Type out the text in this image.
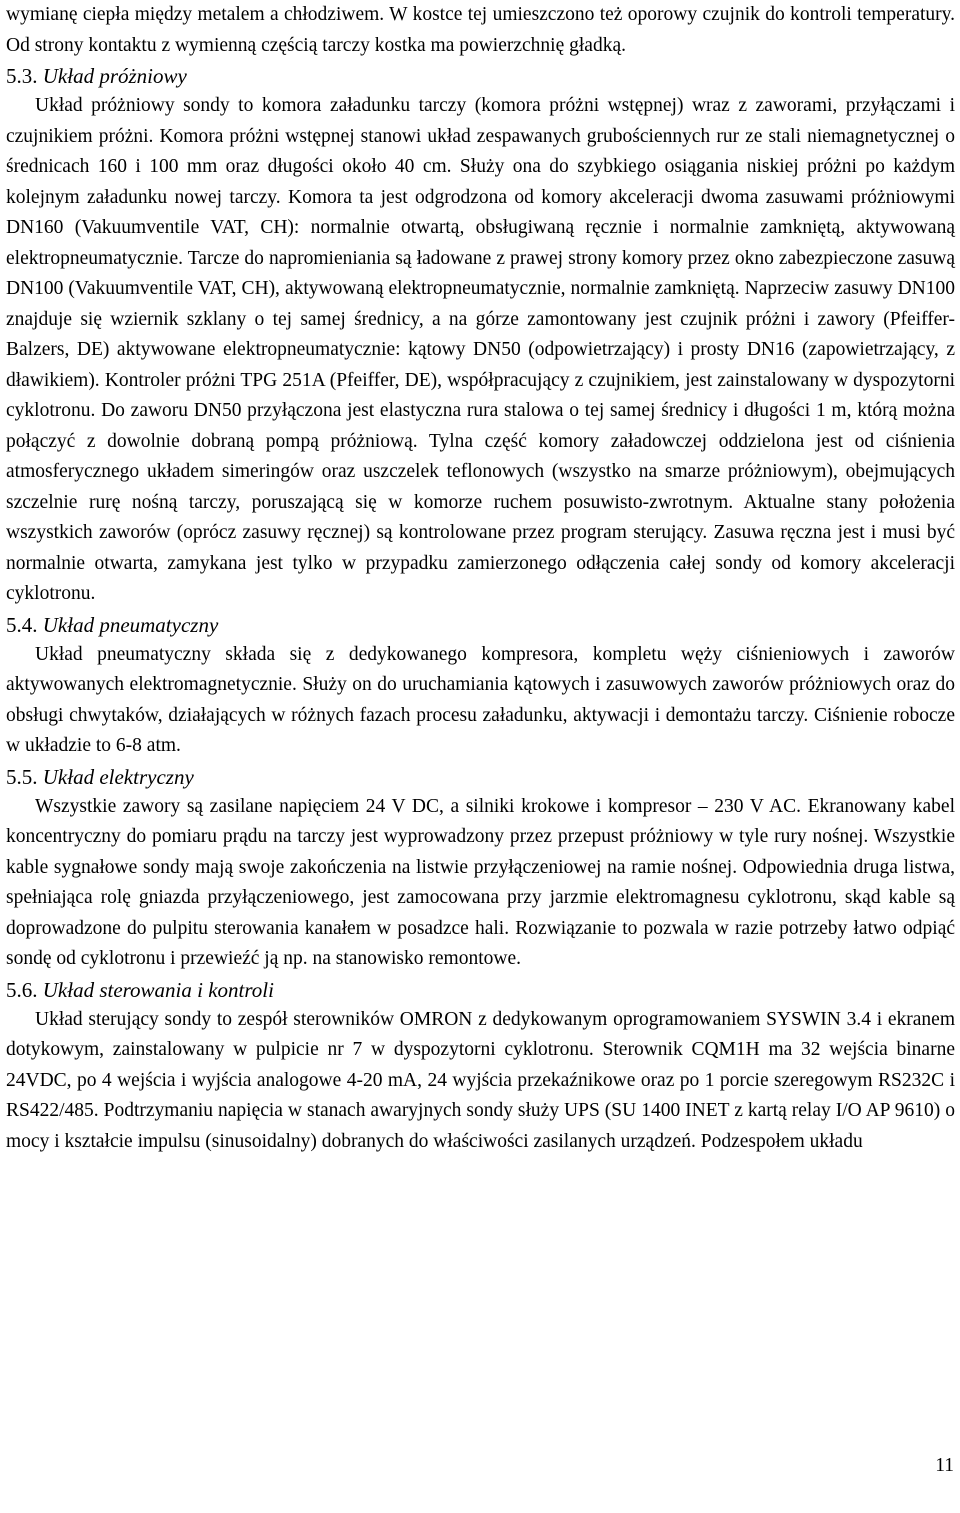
wymianę ciepła między metalem a chłodziwem. W kostce tej umieszczono też oporowy czujnik do kontroli temperatury. Od strony kontaktu z wymienną częścią tarczy kostka ma powierzchnię gładką.

5.3. Układ próżniowy

Układ próżniowy sondy to komora załadunku tarczy (komora próżni wstępnej) wraz z zaworami, przyłączami i czujnikiem próżni. Komora próżni wstępnej stanowi układ zespawanych grubościennych rur ze stali niemagnetycznej o średnicach 160 i 100 mm oraz długości około 40 cm. Służy ona do szybkiego osiągania niskiej próżni po każdym kolejnym załadunku nowej tarczy. Komora ta jest odgrodzona od komory akceleracji dwoma zasuwami próżniowymi DN160 (Vakuumventile VAT, CH): normalnie otwartą, obsługiwaną ręcznie i normalnie zamkniętą, aktywowaną elektropneumatycznie. Tarcze do napromieniania są ładowane z prawej strony komory przez okno zabezpieczone zasuwą DN100 (Vakuumventile VAT, CH), aktywowaną elektropneumatycznie, normalnie zamkniętą. Naprzeciw zasuwy DN100 znajduje się wziernik szklany o tej samej średnicy, a na górze zamontowany jest czujnik próżni i zawory (Pfeiffer-Balzers, DE) aktywowane elektropneumatycznie: kątowy DN50 (odpowietrzający) i prosty DN16 (zapowietrzający, z dławikiem). Kontroler próżni TPG 251A (Pfeiffer, DE), współpracujący z czujnikiem, jest zainstalowany w dyspozytorni cyklotronu. Do zaworu DN50 przyłączona jest elastyczna rura stalowa o tej samej średnicy i długości 1 m, którą można połączyć z dowolnie dobraną pompą próżniową. Tylna część komory załadowczej oddzielona jest od ciśnienia atmosferycznego układem simeringów oraz uszczelek teflonowych (wszystko na smarze próżniowym), obejmujących szczelnie rurę nośną tarczy, poruszającą się w komorze ruchem posuwisto-zwrotnym. Aktualne stany położenia wszystkich zaworów (oprócz zasuwy ręcznej) są kontrolowane przez program sterujący. Zasuwa ręczna jest i musi być normalnie otwarta, zamykana jest tylko w przypadku zamierzonego odłączenia całej sondy od komory akceleracji cyklotronu.

5.4. Układ pneumatyczny

Układ pneumatyczny składa się z dedykowanego kompresora, kompletu węży ciśnieniowych i zaworów aktywowanych elektromagnetycznie. Służy on do uruchamiania kątowych i zasuwowych zaworów próżniowych oraz do obsługi chwytaków, działających w różnych fazach procesu załadunku, aktywacji i demontażu tarczy. Ciśnienie robocze w układzie to 6-8 atm.

5.5. Układ elektryczny

Wszystkie zawory są zasilane napięciem 24 V DC, a silniki krokowe i kompresor – 230 V AC. Ekranowany kabel koncentryczny do pomiaru prądu na tarczy jest wyprowadzony przez przepust próżniowy w tyle rury nośnej. Wszystkie kable sygnałowe sondy mają swoje zakończenia na listwie przyłączeniowej na ramie nośnej. Odpowiednia druga listwa, spełniająca rolę gniazda przyłączeniowego, jest zamocowana przy jarzmie elektromagnesu cyklotronu, skąd kable są doprowadzone do pulpitu sterowania kanałem w posadzce hali. Rozwiązanie to pozwala w razie potrzeby łatwo odpiąć sondę od cyklotronu i przewieźć ją np. na stanowisko remontowe.

5.6. Układ sterowania i kontroli

Układ sterujący sondy to zespół sterowników OMRON z dedykowanym oprogramowaniem SYSWIN 3.4 i ekranem dotykowym, zainstalowany w pulpicie nr 7 w dyspozytorni cyklotronu. Sterownik CQM1H ma 32 wejścia binarne 24VDC, po 4 wejścia i wyjścia analogowe 4-20 mA, 24 wyjścia przekaźnikowe oraz po 1 porcie szeregowym RS232C i RS422/485. Podtrzymaniu napięcia w stanach awaryjnych sondy służy UPS (SU 1400 INET z kartą relay I/O AP 9610) o mocy i kształcie impulsu (sinusoidalny) dobranych do właściwości zasilanych urządzeń. Podzespołem układu

11
